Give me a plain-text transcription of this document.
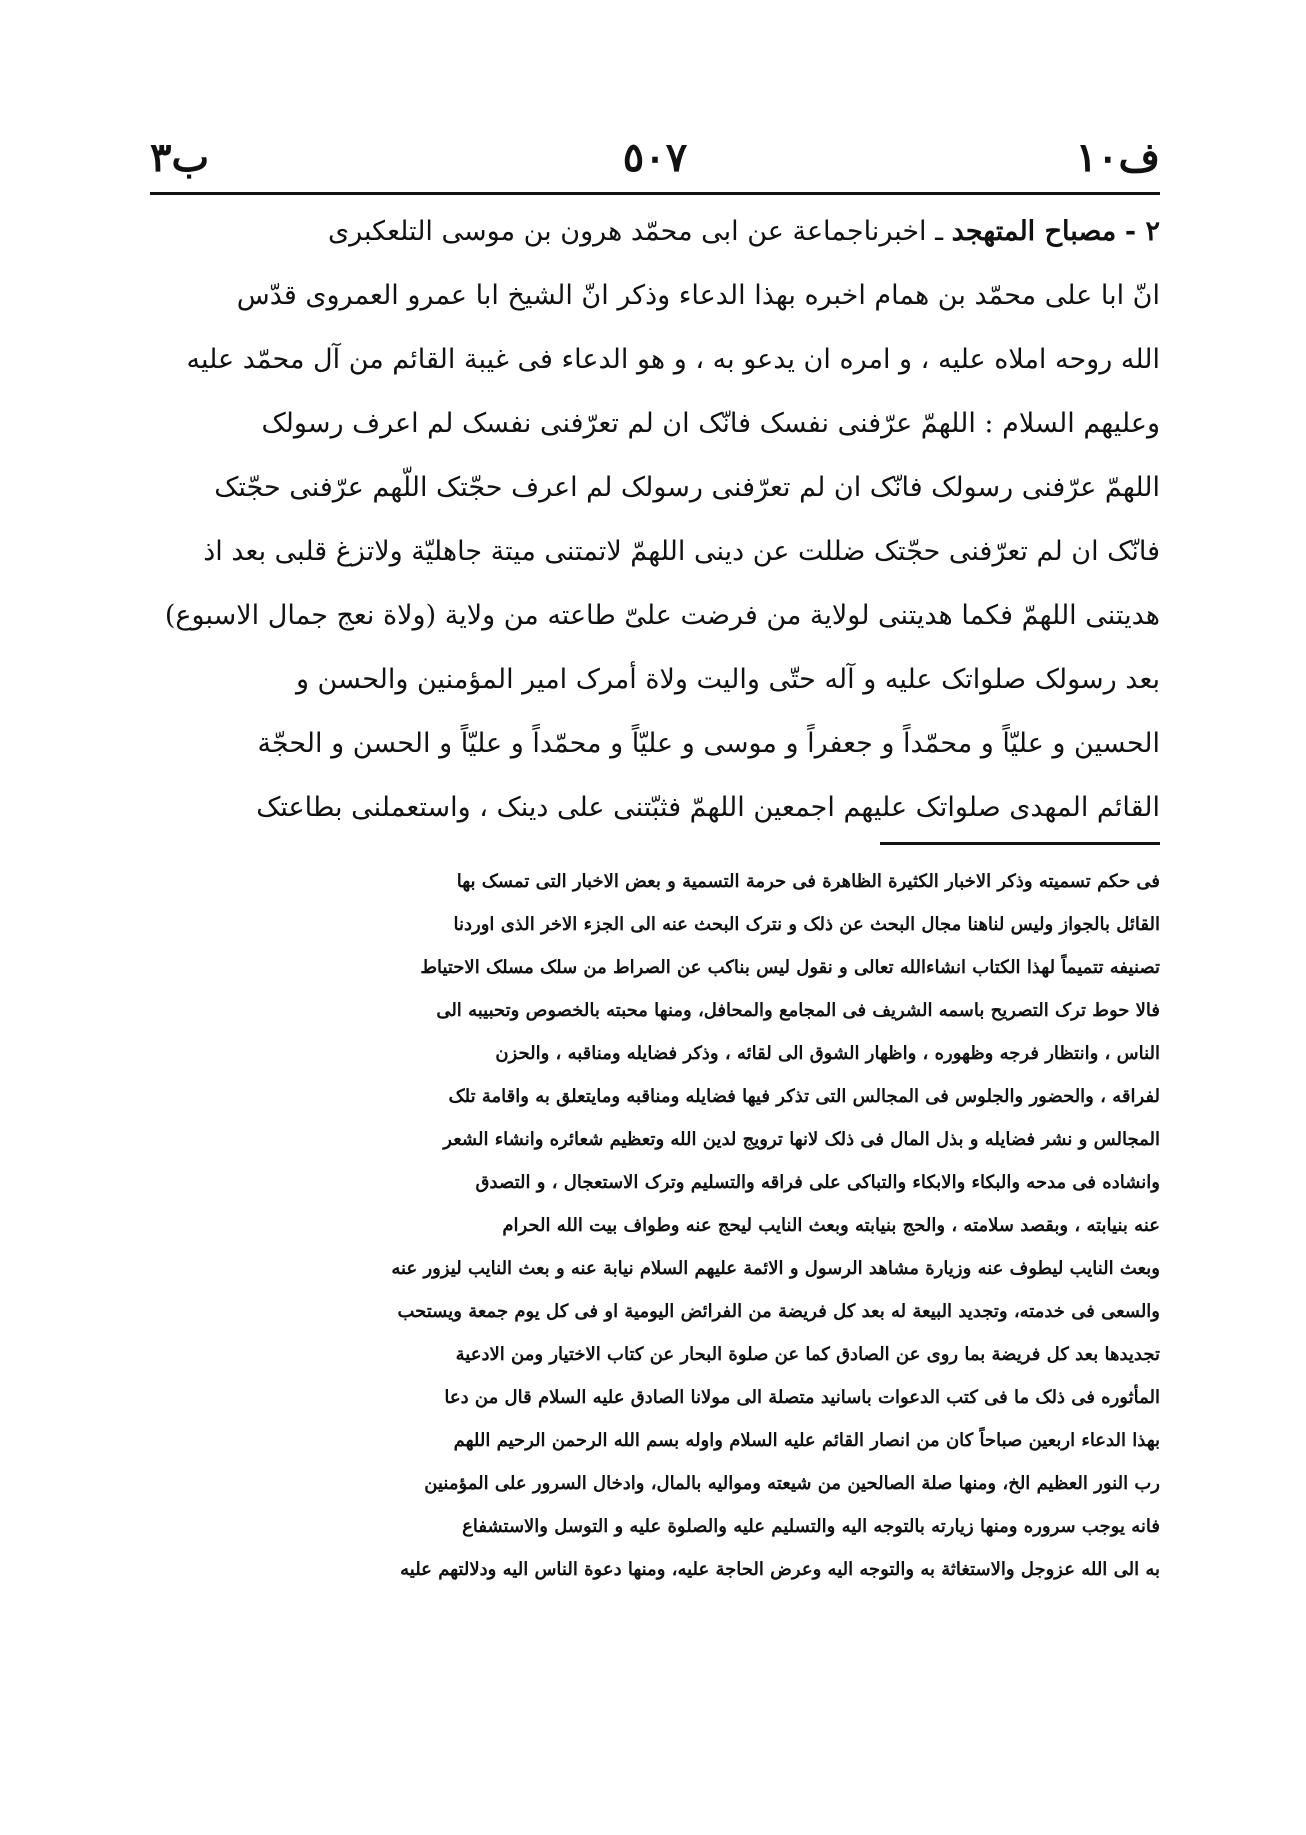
ف١٠
٥٠٧
ب٣
٢ - مصباح المتهجد ـ اخبرناجماعة عن ابی محمّد هرون بن موسی التلعکبری
انّ ابا علی محمّد بن همام اخبره بهذا الدعاء وذکر انّ الشیخ ابا عمرو العمروی قدّس
الله روحه املاه علیه ، و امره ان یدعو به ، و هو الدعاء فی غیبة القائم من آل محمّد علیه
وعلیهم السلام : اللهمّ عرّفنی نفسک فانّک ان لم تعرّفنی نفسک لم اعرف رسولک
اللهمّ عرّفنی رسولک فانّک ان لم تعرّفنی رسولک لم اعرف حجّتک اللّهم عرّفنی حجّتک
فانّک ان لم تعرّفنی حجّتک ضللت عن دینی اللهمّ لاتمتنی میتة جاهلیّة ولاتزغ قلبی بعد اذ
هدیتنی اللهمّ فکما هدیتنی لولایة من فرضت علیّ طاعته من ولایة (ولاة نعج جمال الاسبوع)
بعد رسولک صلواتک علیه و آله حتّی والیت ولاة أمرک امیر المؤمنین والحسن و
الحسین و علیّاً و محمّداً و جعفراً و موسی و علیّاً و محمّداً و علیّاً و الحسن و الحجّة
القائم المهدی صلواتک علیهم اجمعین اللهمّ فثبّتنی علی دینک ، واستعملنی بطاعتک
فی حکم تسمیته وذکر الاخبار الکثیرة الظاهرة فی حرمة التسمیة و بعض الاخبار التی تمسک بها
القائل بالجواز ولیس لناهنا مجال البحث عن ذلک و نترک البحث عنه الی الجزء الاخر الذی اوردنا
تصنیفه تتمیماً لهذا الکتاب انشاءالله تعالی و نقول لیس بناکب عن الصراط من سلک مسلک الاحتیاط
فالا حوط ترک التصریح باسمه الشریف فی المجامع والمحافل، ومنها محبته بالخصوص وتحبیبه الی
الناس ، وانتظار فرجه وظهوره ، واظهار الشوق الی لقائه ، وذکر فضایله ومناقبه ، والحزن
لفراقه ، والحضور والجلوس فی المجالس التی تذکر فیها فضایله ومناقبه ومایتعلق به واقامة تلک
المجالس و نشر فضایله و بذل المال فی ذلک لانها ترویج لدین الله وتعظیم شعائره وانشاء الشعر
وانشاده فی مدحه والبکاء والابکاء والتباکی علی فراقه والتسلیم وترک الاستعجال ، و التصدق
عنه بنیابته ، وبقصد سلامته ، والحج بنیابته وبعث النایب لیحج عنه وطواف بیت الله الحرام
وبعث النایب لیطوف عنه وزیارة مشاهد الرسول و الائمة علیهم السلام نیابة عنه و بعث النایب لیزور عنه
والسعی فی خدمته، وتجدید البیعة له بعد کل فریضة من الفرائض الیومیة او فی کل یوم جمعة ویستحب
تجدیدها بعد کل فریضة بما روی عن الصادق کما عن صلوة البحار عن کتاب الاختیار ومن الادعیة
المأثوره فی ذلک ما فی کتب الدعوات باسانید متصلة الی مولانا الصادق علیه السلام قال من دعا
بهذا الدعاء اربعین صباحاً کان من انصار القائم علیه السلام واوله بسم الله الرحمن الرحیم اللهم
رب النور العظیم الخ، ومنها صلة الصالحین من شیعته وموالیه بالمال، وادخال السرور علی المؤمنین
فانه یوجب سروره ومنها زیارته بالتوجه الیه والتسلیم علیه والصلوة علیه و التوسل والاستشفاع
به الی الله عزوجل والاستغاثة به والتوجه الیه وعرض الحاجة علیه، ومنها دعوة الناس الیه ودلالتهم علیه
